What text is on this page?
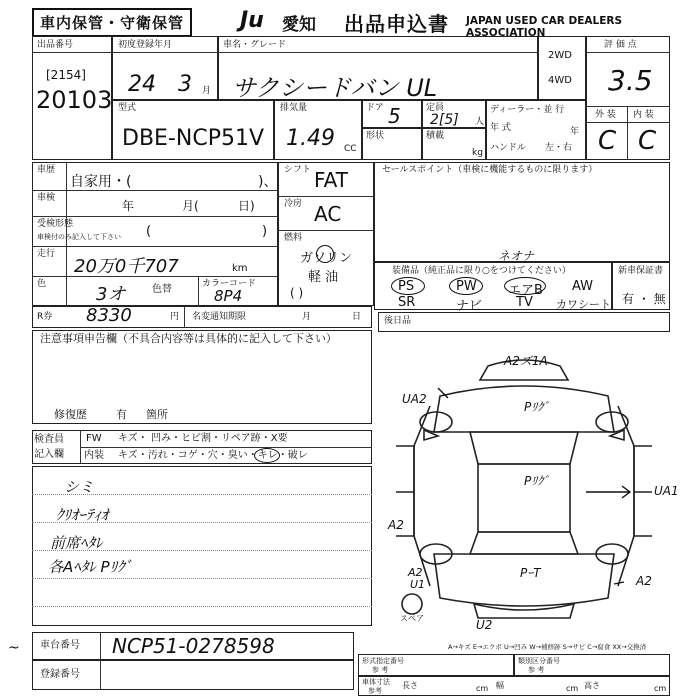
車内保管・守衛保管	Ju 愛知 出品申込書 JAPAN USED CAR DEALERS ASSOCIATION
出品番号
[2154]
20103
初度登録年月
24 3 月
車名・グレード
サクシードバン UL
2WD
4WD
評 価 点
3.5
外 装 内 装
C C
型式
DBE-NCP51V
排気量
1.49 CC
ドア 5	定員
2[5] 人
形状	積載
kg
ディーラー・並 行
年 式	年
ハンドル 左・右
車歴
自家用・(	)、
車検
年	月(	日)
受検形態
車検付のみ記入して下さい (	)
走行
20万0千707	km
色	3オ	色替	カラーコード
8P4
R券 8330	円 名変通知期限	月	日
シフト FAT
冷房 AC
燃料
ガソリン
軽 油
( )
セールスポイント（車検に機能するものに限ります）
ネオナ
装備品（純正品に限り○をつけてください）
PS	PW エアB AW
SR	ナビ	TV カワシート
新車保証書
有 ・ 無
後日品
注意事項申告欄（不具合内容等は具体的に記入して下さい）
修復歴	有 箇所
検査員
記入欄
FW キズ・ 凹み・ヒビ割・リペア跡・X要
内装 キズ・汚れ・コゲ・穴・臭い・キレ・破レ
シミ
ｸﾘｵｰﾃｨｵ
前席ﾍﾀﾚ
各Aﾍﾀﾚ Pﾘｸﾞ
A2ズ1A
UA2
Pﾘｸﾞ
Pﾘｸﾞ
UA1
A2
A2
U1
PｰT
U2
A2
スペア
A→キズ E→エクボ U→凹み W→補修跡 S→サビ C→腐食 XX→交換済
~ 車台番号 NCP51-0278598
登録番号
形式指定番号
参 考
類別区分番号
参 考
車体寸法
参考
長さ	cm 幅	cm 高さ	cm
